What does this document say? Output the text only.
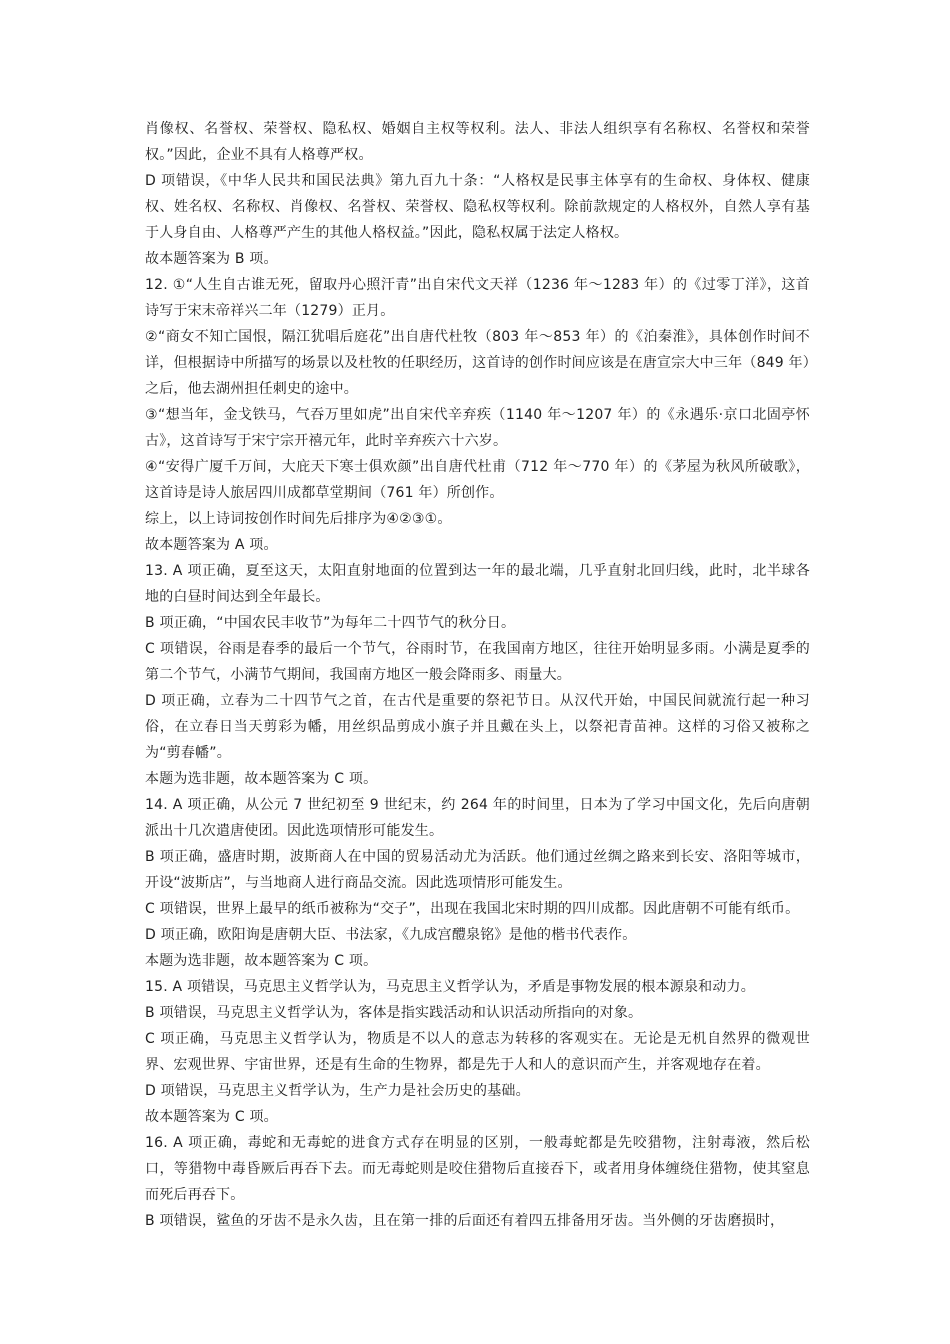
肖像权、名誉权、荣誉权、隐私权、婚姻自主权等权利。法人、非法人组织享有名称权、名誉权和荣誉权。”因此，企业不具有人格尊严权。

D 项错误，《中华人民共和国民法典》第九百九十条：“人格权是民事主体享有的生命权、身体权、健康权、姓名权、名称权、肖像权、名誉权、荣誉权、隐私权等权利。除前款规定的人格权外，自然人享有基于人身自由、人格尊严产生的其他人格权益。”因此，隐私权属于法定人格权。

故本题答案为 B 项。

12. ①“人生自古谁无死，留取丹心照汗青”出自宋代文天祥（1236 年～1283 年）的《过零丁洋》，这首诗写于宋末帝祥兴二年（1279）正月。

②“商女不知亡国恨，隔江犹唱后庭花”出自唐代杜牧（803 年～853 年）的《泊秦淮》，具体创作时间不详，但根据诗中所描写的场景以及杜牧的任职经历，这首诗的创作时间应该是在唐宣宗大中三年（849 年）之后，他去湖州担任刺史的途中。

③“想当年，金戈铁马，气吞万里如虎”出自宋代辛弃疾（1140 年～1207 年）的《永遇乐·京口北固亭怀古》，这首诗写于宋宁宗开禧元年，此时辛弃疾六十六岁。

④“安得广厦千万间，大庇天下寒士俱欢颜”出自唐代杜甫（712 年～770 年）的《茅屋为秋风所破歌》，这首诗是诗人旅居四川成都草堂期间（761 年）所创作。

综上，以上诗词按创作时间先后排序为④②③①。

故本题答案为 A 项。

13. A 项正确，夏至这天，太阳直射地面的位置到达一年的最北端，几乎直射北回归线，此时，北半球各地的白昼时间达到全年最长。

B 项正确，“中国农民丰收节”为每年二十四节气的秋分日。

C 项错误，谷雨是春季的最后一个节气，谷雨时节，在我国南方地区，往往开始明显多雨。小满是夏季的第二个节气，小满节气期间，我国南方地区一般会降雨多、雨量大。

D 项正确，立春为二十四节气之首，在古代是重要的祭祀节日。从汉代开始，中国民间就流行起一种习俗，在立春日当天剪彩为幡，用丝织品剪成小旗子并且戴在头上，以祭祀青苗神。这样的习俗又被称之为“剪春幡”。

本题为选非题，故本题答案为 C 项。

14. A 项正确，从公元 7 世纪初至 9 世纪末，约 264 年的时间里，日本为了学习中国文化，先后向唐朝派出十几次遣唐使团。因此选项情形可能发生。

B 项正确，盛唐时期，波斯商人在中国的贸易活动尤为活跃。他们通过丝绸之路来到长安、洛阳等城市，开设“波斯店”，与当地商人进行商品交流。因此选项情形可能发生。

C 项错误，世界上最早的纸币被称为“交子”，出现在我国北宋时期的四川成都。因此唐朝不可能有纸币。

D 项正确，欧阳询是唐朝大臣、书法家，《九成宫醴泉铭》是他的楷书代表作。

本题为选非题，故本题答案为 C 项。

15. A 项错误，马克思主义哲学认为，马克思主义哲学认为，矛盾是事物发展的根本源泉和动力。

B 项错误，马克思主义哲学认为，客体是指实践活动和认识活动所指向的对象。

C 项正确，马克思主义哲学认为，物质是不以人的意志为转移的客观实在。无论是无机自然界的微观世界、宏观世界、宇宙世界，还是有生命的生物界，都是先于人和人的意识而产生，并客观地存在着。

D 项错误，马克思主义哲学认为，生产力是社会历史的基础。

故本题答案为 C 项。

16. A 项正确，毒蛇和无毒蛇的进食方式存在明显的区别，一般毒蛇都是先咬猎物，注射毒液，然后松口，等猎物中毒昏厥后再吞下去。而无毒蛇则是咬住猎物后直接吞下，或者用身体缠绕住猎物，使其窒息而死后再吞下。

B 项错误，鲨鱼的牙齿不是永久齿，且在第一排的后面还有着四五排备用牙齿。当外侧的牙齿磨损时，
